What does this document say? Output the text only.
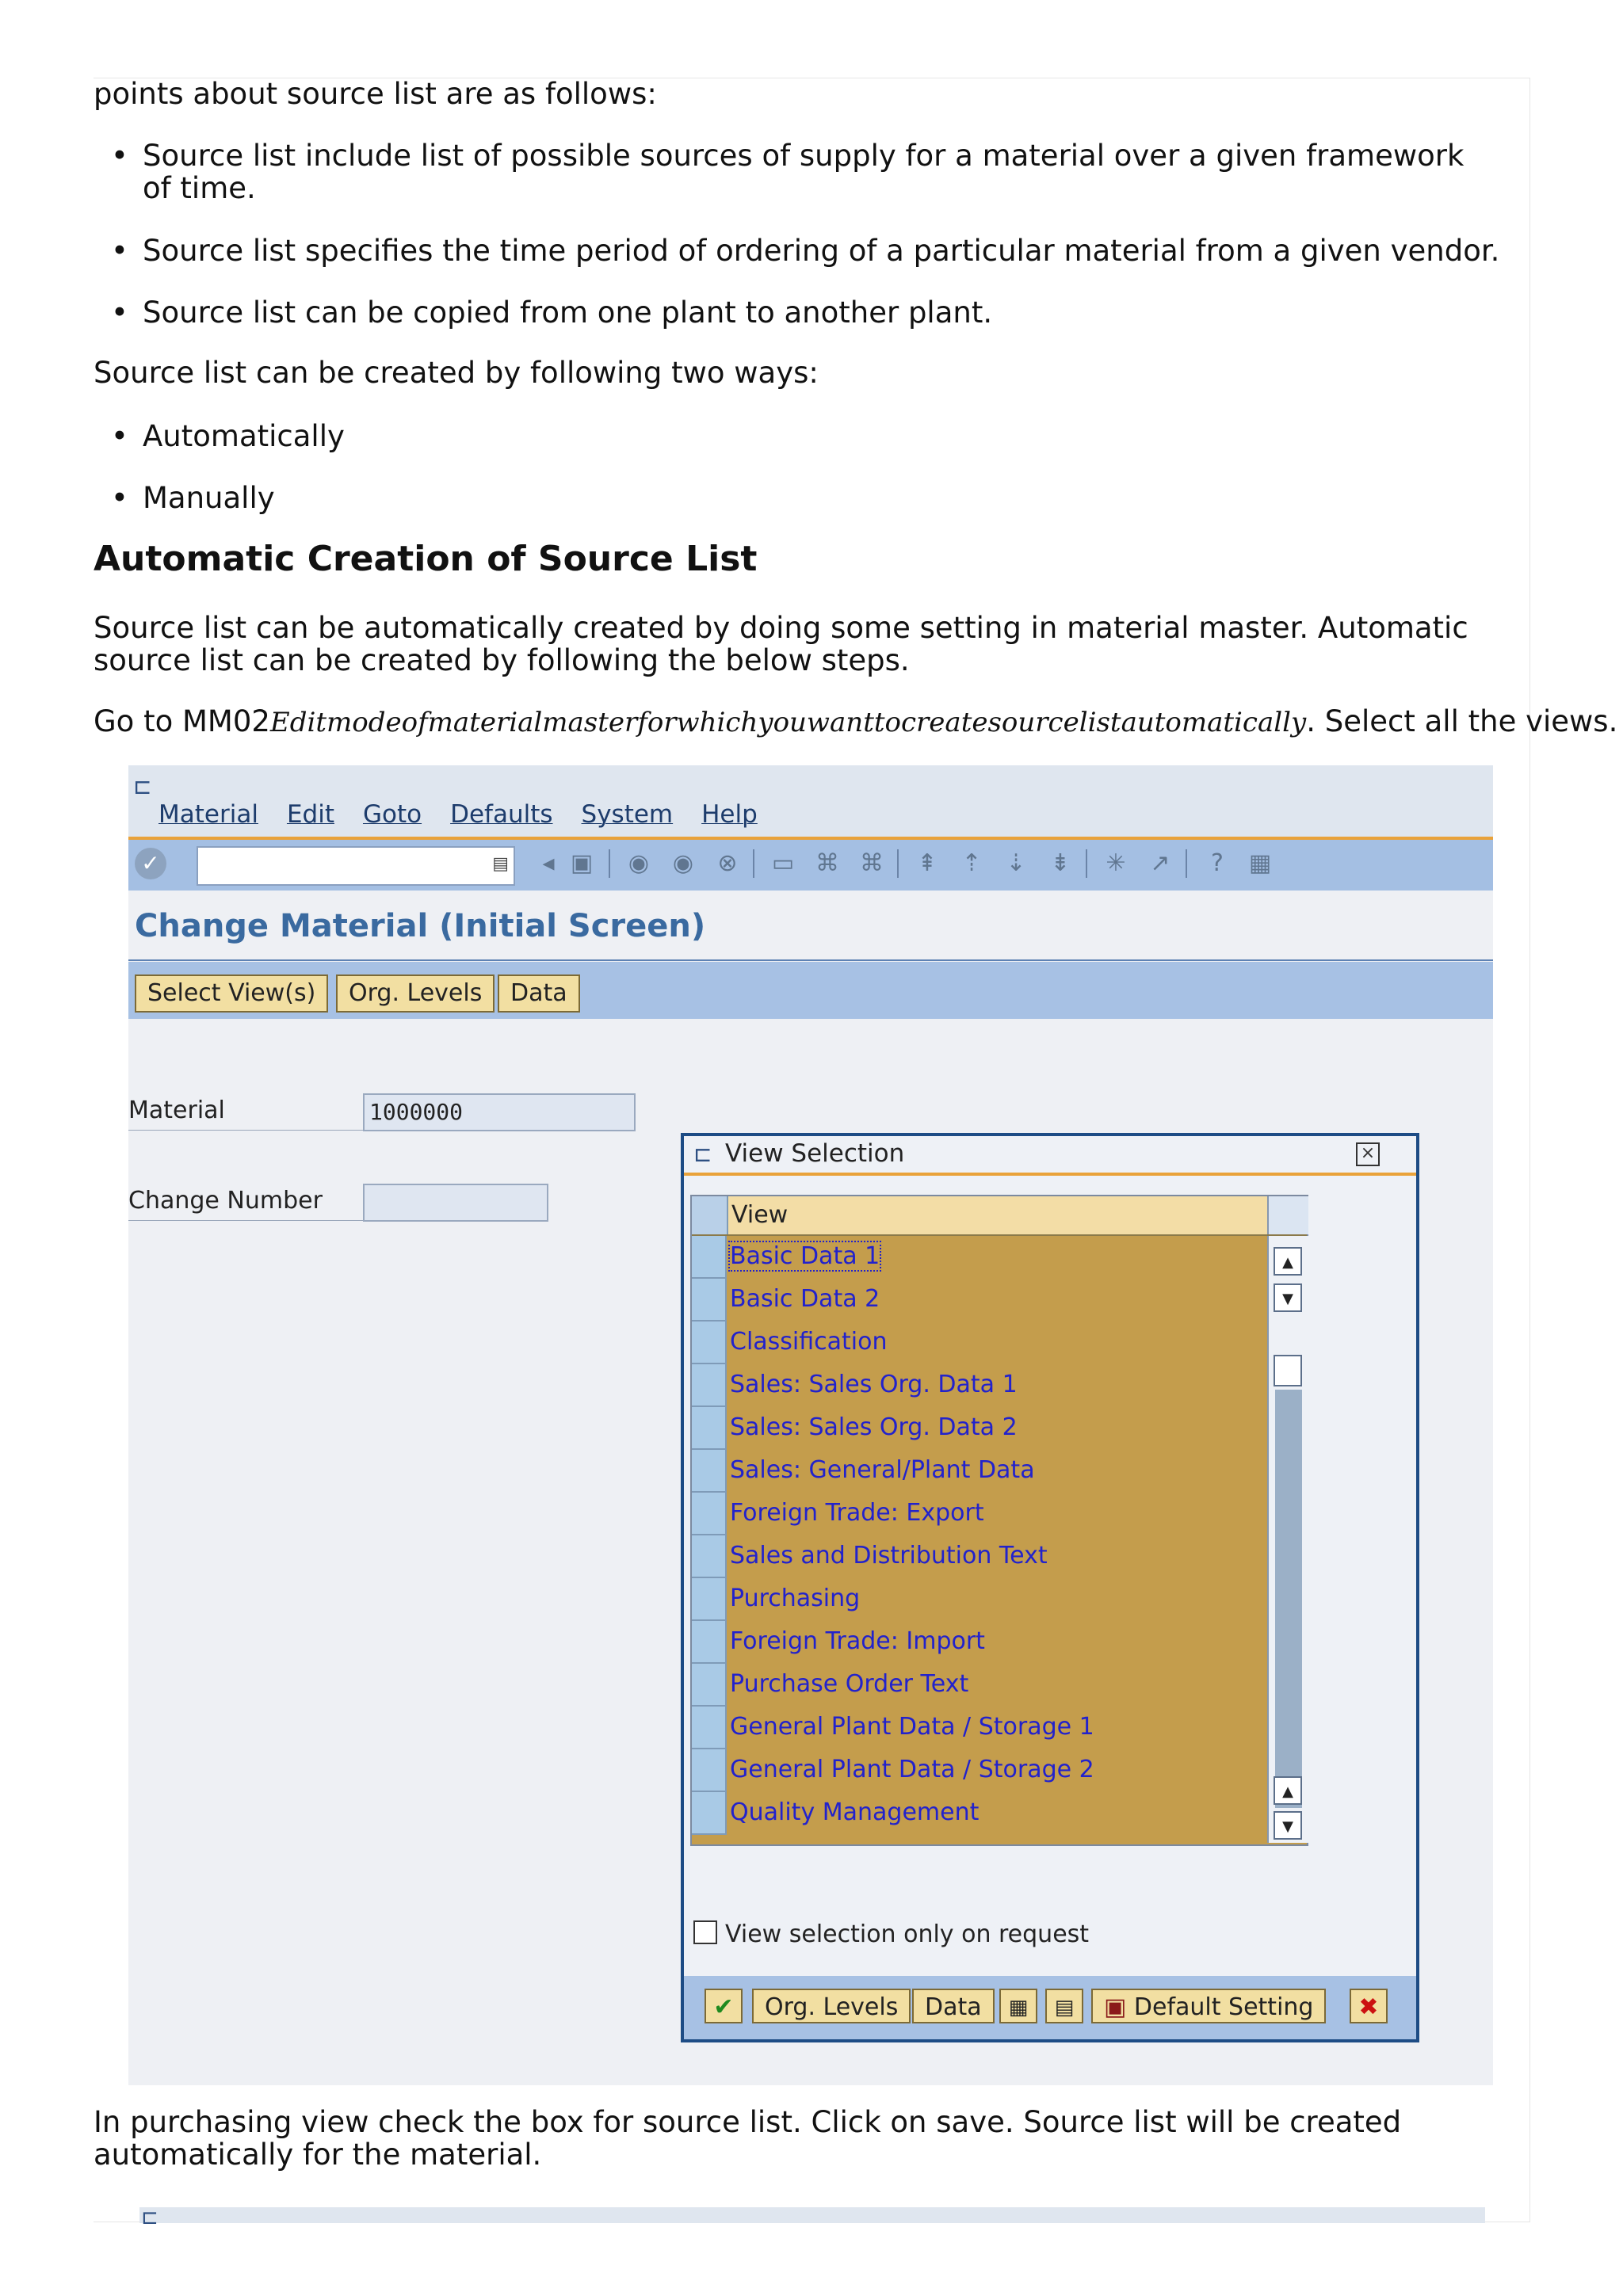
points about source list are as follows:

• Source list include list of possible sources of supply for a material over a given framework of time.
• Source list specifies the time period of ordering of a particular material from a given vendor.
• Source list can be copied from one plant to another plant.

Source list can be created by following two ways:

• Automatically
• Manually
Automatic Creation of Source List

Source list can be automatically created by doing some setting in material master. Automatic source list can be created by following the below steps.

Go to MM02Editmodeofmaterialmasterforwhichyouwanttocreatesourcelistautomatically. Select all the views.

In purchasing view check the box for source list. Click on save. Source list will be created automatically for the material.

⊏
Material Edit Goto Defaults System Help
✓	▤	◂ ▣ ◉ ◉ ⊗ ▭ ⌘ ⌘ ⇞ ⇡ ⇣ ⇟ ✳ ↗	?	▦
Change Material (Initial Screen)
Select View(s)	Org. Levels	Data
Material	1000000
Change Number
⊏ View Selection	×
View
Basic Data 1
Basic Data 2
Classification
Sales: Sales Org. Data 1
Sales: Sales Org. Data 2
Sales: General/Plant Data
Foreign Trade: Export
Sales and Distribution Text
Purchasing
Foreign Trade: Import
Purchase Order Text
General Plant Data / Storage 1
General Plant Data / Storage 2
Quality Management
▲
▼
▲
▼
View selection only on request
✔	Org. Levels	Data	▦	▤	▣ Default Setting	✖
⊏
